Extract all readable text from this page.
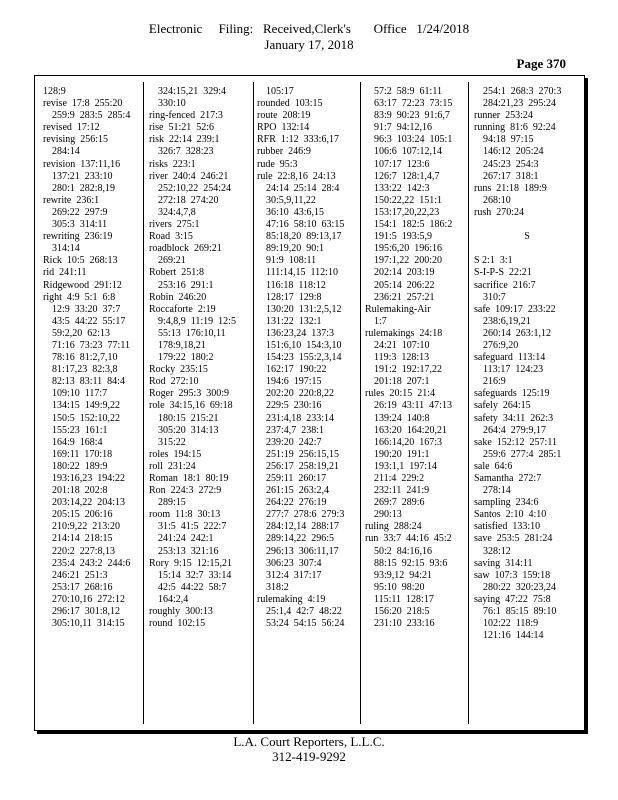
Electronic     Filing:   Received,Clerk's       Office   1/24/2018
January 17, 2018
Page 370
128:9
revise  17:8  255:20
259:9  283:5  285:4
revised  17:12
revising  256:15
284:14
revision  137:11,16
137:21  233:10
280:1  282:8,19
rewrite  236:1
269:22  297:9
305:3  314:11
rewriting  236:19
314:14
Rick  10:5  268:13
rid  241:11
Ridgewood  291:12
right  4:9  5:1  6:8
12:9  33:20  37:7
43:5  44:22  55:17
59:2,20  62:13
71:16  73:23  77:11
78:16  81:2,7,10
81:17,23  82:3,8
82:13  83:11  84:4
109:10  117:7
134:15  149:9,22
150:5  152:10,22
155:23  161:1
164:9  168:4
169:11  170:18
180:22  189:9
193:16,23  194:22
201:18  202:8
203:14,22  204:13
205:15  206:16
210:9,22  213:20
214:14  218:15
220:2  227:8,13
235:4  243:2  244:6
246:21  251:3
253:17  268:16
270:10,16  272:12
296:17  301:8,12
305:10,11  314:15
324:15,21  329:4
330:10
ring-fenced  217:3
rise  51:21  52:6
risk  22:14  239:1
326:7  328:23
risks  223:1
river  240:4  246:21
252:10,22  254:24
272:18  274:20
324:4,7,8
rivers  275:1
Road  3:15
roadblock  269:21
269:21
Robert  251:8
253:16  291:1
Robin  246:20
Roccaforte  2:19
9:4,8,9  11:19  12:5
55:13  176:10,11
178:9,18,21
179:22  180:2
Rocky  235:15
Rod  272:10
Roger  295:3  300:9
role  34:15,16  69:18
180:15  215:21
305:20  314:13
315:22
roles  194:15
roll  231:24
Roman  18:1  80:19
Ron  224:3  272:9
289:15
room  11:8  30:13
31:5  41:5  222:7
241:24  242:1
253:13  321:16
Rory  9:15  12:15,21
15:14  32:7  33:14
42:5  44:22  58:7
164:2,4
roughly  300:13
round  102:15
105:17
rounded  103:15
route  208:19
RPO  132:14
RFR  1:12  333:6,17
rubber  246:9
rude  95:3
rule  22:8,16  24:13
24:14  25:14  28:4
30:5,9,11,22
36:10  43:6,15
47:16  58:10  63:15
85:18,20  89:13,17
89:19,20  90:1
91:9  108:11
111:14,15  112:10
116:18  118:12
128:17  129:8
130:20  131:2,5,12
131:22  132:1
136:23,24  137:3
151:6,10  154:3,10
154:23  155:2,3,14
162:17  190:22
194:6  197:15
202:20  220:8,22
229:5  230:16
231:4,18  233:14
237:4,7  238:1
239:20  242:7
251:19  256:15,15
256:17  258:19,21
259:11  260:17
261:15  263:2,4
264:22  276:19
277:7  278:6  279:3
284:12,14  288:17
289:14,22  296:5
296:13  306:11,17
306:23  307:4
312:4  317:17
318:2
rulemaking  4:19
25:1,4  42:7  48:22
53:24  54:15  56:24
57:2  58:9  61:11
63:17  72:23  73:15
83:9  90:23  91:6,7
91:7  94:12,16
96:3  103:24  105:1
106:6  107:12,14
107:17  123:6
126:7  128:1,4,7
133:22  142:3
150:22,22  151:1
153:17,20,22,23
154:1  182:5  186:2
191:5  193:5,9
195:6,20  196:16
197:1,22  200:20
202:14  203:19
205:14  206:22
236:21  257:21
Rulemaking-Air
1:7
rulemakings  24:18
24:21  107:10
119:3  128:13
191:2  192:17,22
201:18  207:1
rules  20:15  21:4
26:19  43:11  47:13
139:24  140:8
163:20  164:20,21
166:14,20  167:3
190:20  191:1
193:1,1  197:14
211:4  229:2
232:11  241:9
269:7  289:6
290:13
ruling  288:24
run  33:7  44:16  45:2
50:2  84:16,16
88:15  92:15  93:6
93:9,12  94:21
95:10  98:20
115:11  128:17
156:20  218:5
231:10  233:16
254:1  268:3  270:3
284:21,23  295:24
runner  253:24
running  81:6  92:24
94:18  97:15
146:12  205:24
245:23  254:3
267:17  318:1
runs  21:18  189:9
268:10
rush  270:24

S

S 2:1  3:1
S-I-P-S  22:21
sacrifice  216:7
310:7
safe  109:17  233:22
238:6,19,21
260:14  263:1,12
276:9,20
safeguard  113:14
113:17  124:23
216:9
safeguards  125:19
safely  264:15
safety  34:11  262:3
264:4  279:9,17
sake  152:12  257:11
259:6  277:4  285:1
sale  64:6
Samantha  272:7
278:14
sampling  234:6
Santos  2:10  4:10
satisfied  133:10
save  253:5  281:24
328:12
saving  314:11
saw  107:3  159:18
280:22  320:23,24
saying  47:22  75:8
76:1  85:15  89:10
102:22  118:9
121:16  144:14
L.A. Court Reporters, L.L.C.
312-419-9292
